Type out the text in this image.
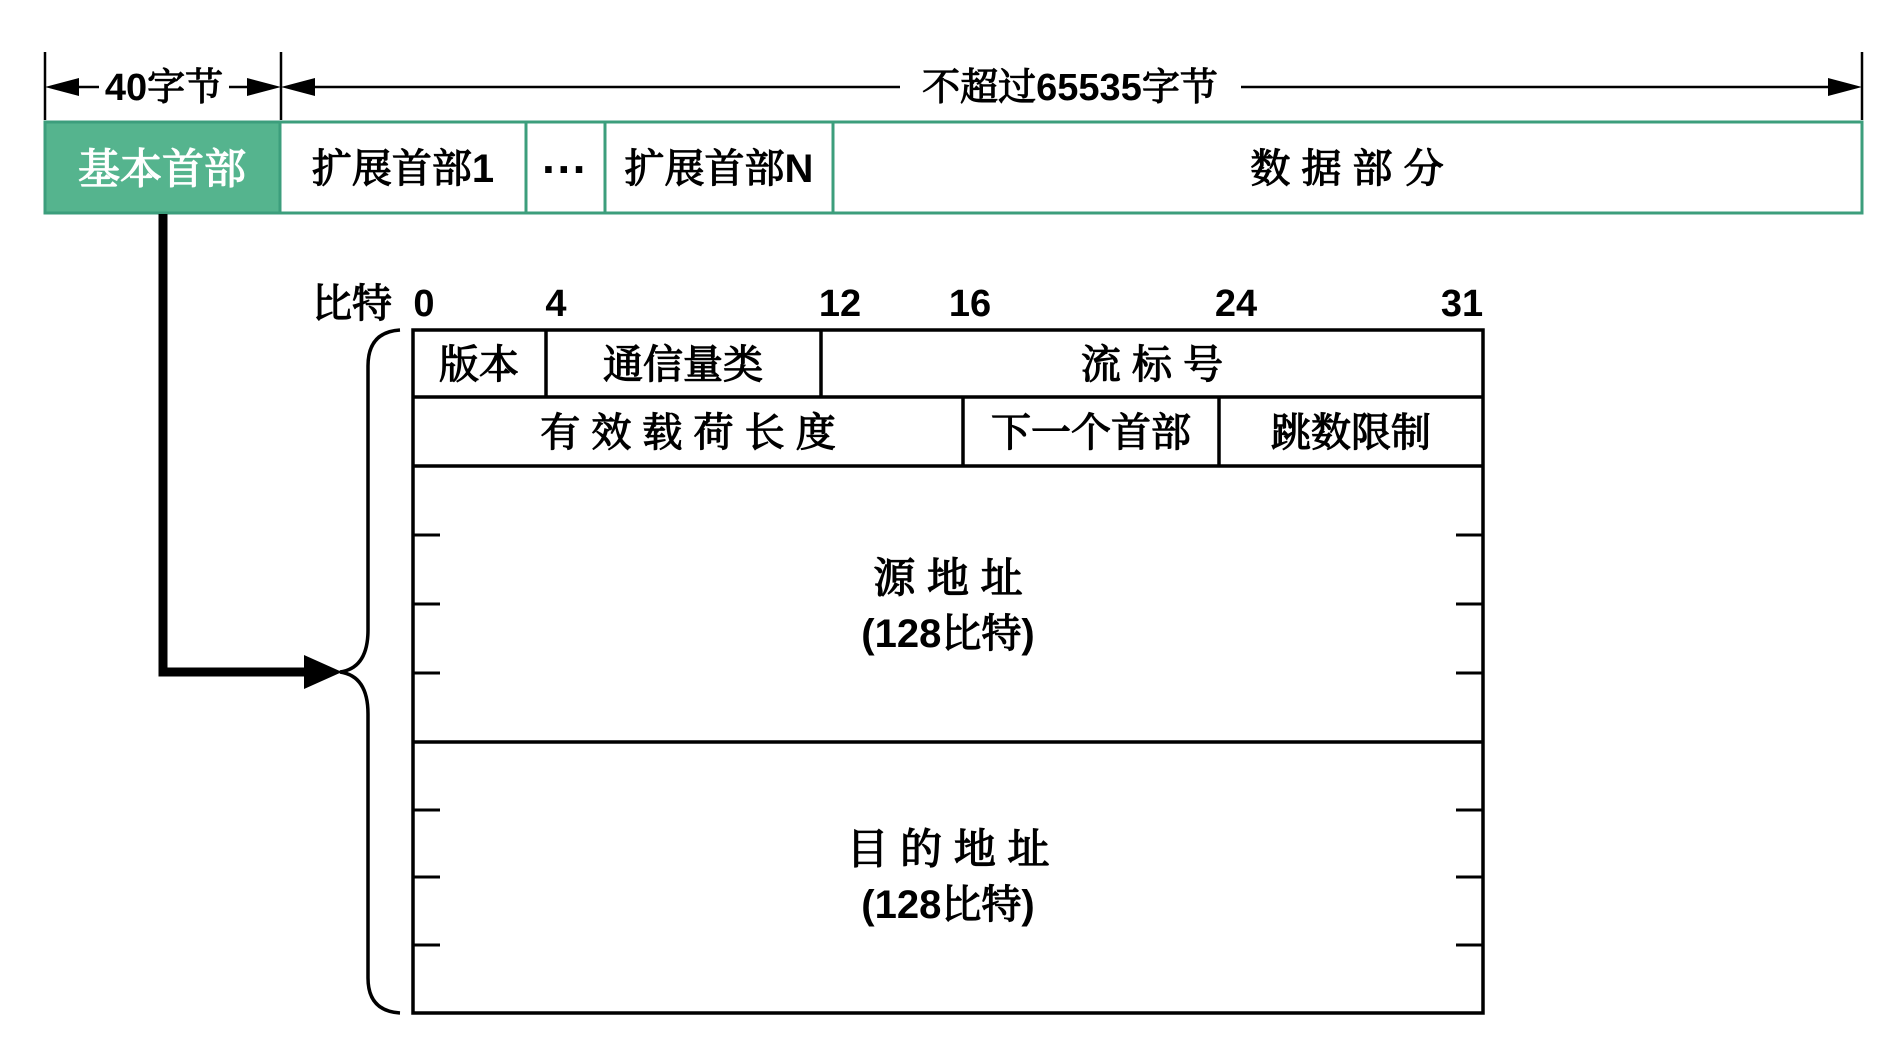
40字节	不超过65535字节
基本首部 扩展首部1 ··· 扩展首部N	数 据 部 分
比特 0	4	12 16	24	31
版本 通信量类	流 标 号
有 效 载 荷 长 度	下一个首部 跳数限制
源 地 址
(128比特)
目 的 地 址
(128比特)
